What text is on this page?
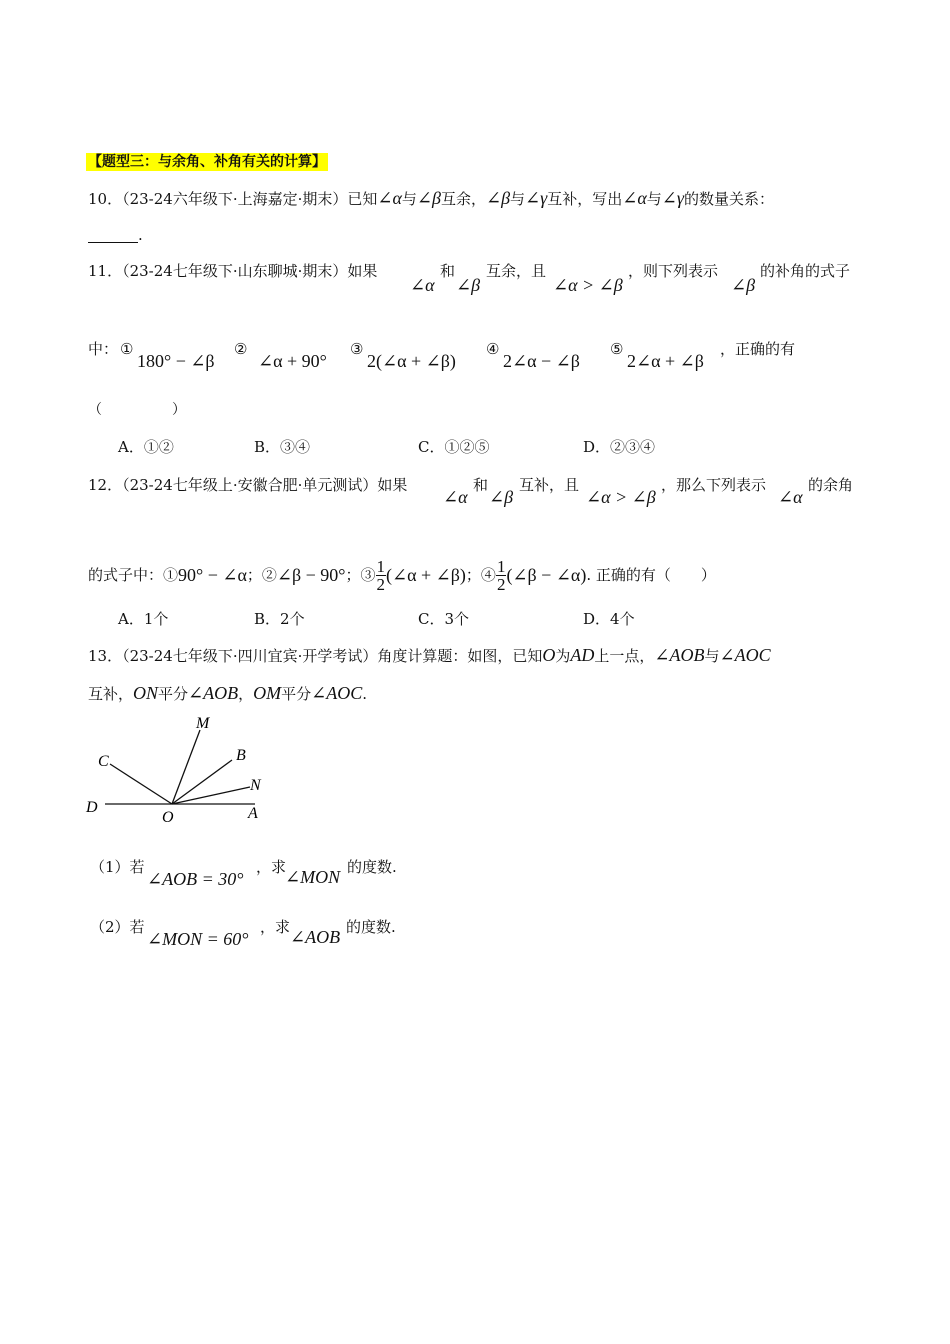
【题型三：与余角、补角有关的计算】
10．（23-24六年级下·上海嘉定·期末）已知∠α与∠β互余，∠β与∠γ互补，写出∠α与∠γ的数量关系：
.
11．（23-24七年级下·山东聊城·期末）如果
∠α
和
∠β
互余，且
∠α > ∠β
，则下列表示
∠β
的补角的式子
中： ①
180° − ∠β
②
∠α + 90°
③
2(∠α + ∠β)
④
2∠α − ∠β
⑤
2∠α + ∠β
，正确的有
（　　　　　）
A．①②	B．③④	C．①②⑤	D．②③④
12．（23-24七年级上·安徽合肥·单元测试）如果
∠α
和
∠β
互补，且
∠α > ∠β
，那么下列表示
∠α
的余角
的式子中：① 90° − ∠α ；② ∠β − 90° ；③ $\frac{1}{2}$ (∠α + ∠β) ；④ $\frac{1}{2}$ (∠β − ∠α) . 正确的有（　　）
A．1个	B．2个	C．3个	D．4个
13．（23-24七年级下·四川宜宾·开学考试）角度计算题：如图，已知O为AD上一点，∠AOB与∠AOC
互补，ON平分∠AOB，OM平分∠AOC.
M
B
C
N
D
O	A
（1）若
∠AOB = 30°
，求
∠MON 的度数.
（2）若
∠MON = 60°
，求 ∠AOB 的度数.
